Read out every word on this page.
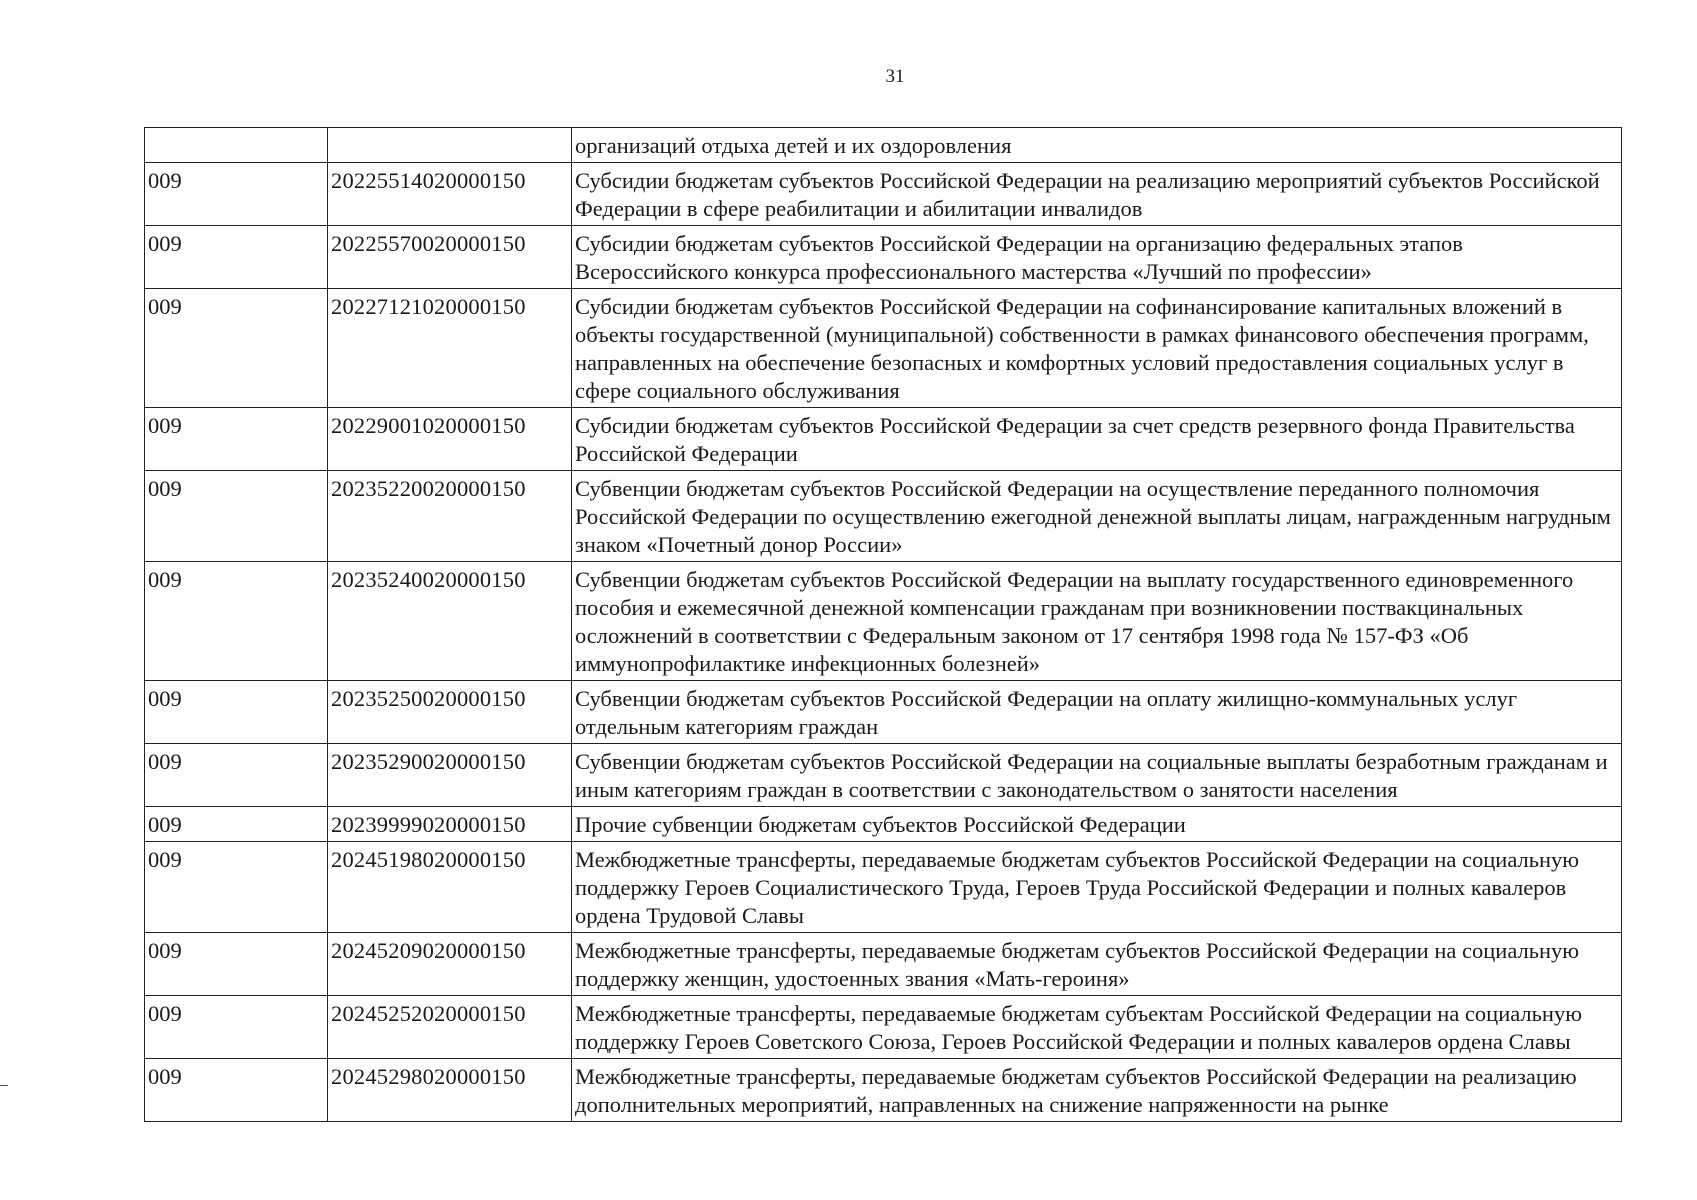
31
		организаций отдыха детей и их оздоровления
009	20225514020000150	Субсидии бюджетам субъектов Российской Федерации на реализацию мероприятий субъектов Российской Федерации в сфере реабилитации и абилитации инвалидов
009	20225570020000150	Субсидии бюджетам субъектов Российской Федерации на организацию федеральных этапов Всероссийского конкурса профессионального мастерства «Лучший по профессии»
009	20227121020000150	Субсидии бюджетам субъектов Российской Федерации на софинансирование капитальных вложений в объекты государственной (муниципальной) собственности в рамках финансового обеспечения программ, направленных на обеспечение безопасных и комфортных условий предоставления социальных услуг в сфере социального обслуживания
009	20229001020000150	Субсидии бюджетам субъектов Российской Федерации за счет средств резервного фонда Правительства Российской Федерации
009	20235220020000150	Субвенции бюджетам субъектов Российской Федерации на осуществление переданного полномочия Российской Федерации по осуществлению ежегодной денежной выплаты лицам, награжденным нагрудным знаком «Почетный донор России»
009	20235240020000150	Субвенции бюджетам субъектов Российской Федерации на выплату государственного единовременного пособия и ежемесячной денежной компенсации гражданам при возникновении поствакцинальных осложнений в соответствии с Федеральным законом от 17 сентября 1998 года № 157-ФЗ «Об иммунопрофилактике инфекционных болезней»
009	20235250020000150	Субвенции бюджетам субъектов Российской Федерации на оплату жилищно-коммунальных услуг отдельным категориям граждан
009	20235290020000150	Субвенции бюджетам субъектов Российской Федерации на социальные выплаты безработным гражданам и иным категориям граждан в соответствии с законодательством о занятости населения
009	20239999020000150	Прочие субвенции бюджетам субъектов Российской Федерации
009	20245198020000150	Межбюджетные трансферты, передаваемые бюджетам субъектов Российской Федерации на социальную поддержку Героев Социалистического Труда, Героев Труда Российской Федерации и полных кавалеров ордена Трудовой Славы
009	20245209020000150	Межбюджетные трансферты, передаваемые бюджетам субъектов Российской Федерации на социальную поддержку женщин, удостоенных звания «Мать-героиня»
009	20245252020000150	Межбюджетные трансферты, передаваемые бюджетам субъектам Российской Федерации на социальную поддержку Героев Советского Союза, Героев Российской Федерации и полных кавалеров ордена Славы
009	20245298020000150	Межбюджетные трансферты, передаваемые бюджетам субъектов Российской Федерации на реализацию дополнительных мероприятий, направленных на снижение напряженности на рынке
